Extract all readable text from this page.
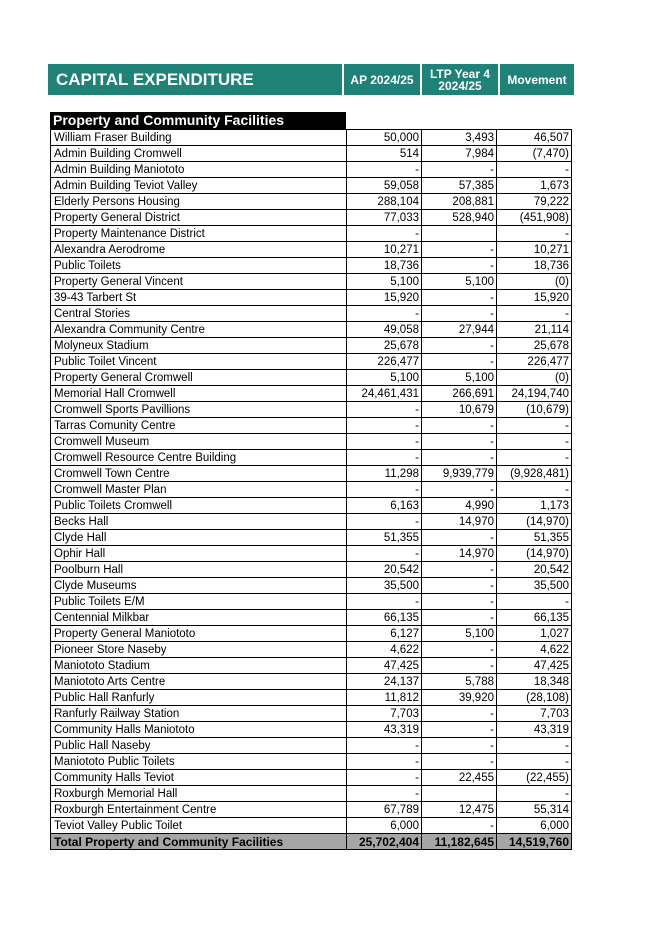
CAPITAL EXPENDITURE	AP 2024/25	LTP Year 4
2024/25	Movement
Property and Community Facilities
William Fraser Building	50,000	3,493	46,507
Admin Building Cromwell	514	7,984	(7,470)
Admin Building Maniototo	-	-	-
Admin Building Teviot Valley	59,058	57,385	1,673
Elderly Persons Housing	288,104	208,881	79,222
Property General District	77,033	528,940	(451,908)
Property Maintenance District	-		-
Alexandra Aerodrome	10,271	-	10,271
Public Toilets	18,736	-	18,736
Property General Vincent	5,100	5,100	(0)
39-43 Tarbert St	15,920	-	15,920
Central Stories	-	-	-
Alexandra Community Centre	49,058	27,944	21,114
Molyneux Stadium	25,678	-	25,678
Public Toilet Vincent	226,477	-	226,477
Property General Cromwell	5,100	5,100	(0)
Memorial Hall Cromwell	24,461,431	266,691	24,194,740
Cromwell Sports Pavillions	-	10,679	(10,679)
Tarras Comunity Centre	-	-	-
Cromwell Museum	-	-	-
Cromwell Resource Centre Building	-	-	-
Cromwell Town Centre	11,298	9,939,779	(9,928,481)
Cromwell Master Plan	-	-	-
Public Toilets Cromwell	6,163	4,990	1,173
Becks Hall	-	14,970	(14,970)
Clyde Hall	51,355	-	51,355
Ophir Hall	-	14,970	(14,970)
Poolburn Hall	20,542	-	20,542
Clyde Museums	35,500	-	35,500
Public Toilets E/M	-	-	-
Centennial Milkbar	66,135	-	66,135
Property General Maniototo	6,127	5,100	1,027
Pioneer Store Naseby	4,622	-	4,622
Maniototo Stadium	47,425	-	47,425
Maniototo Arts Centre	24,137	5,788	18,348
Public Hall Ranfurly	11,812	39,920	(28,108)
Ranfurly Railway Station	7,703	-	7,703
Community Halls Maniototo	43,319	-	43,319
Public Hall Naseby	-	-	-
Maniototo Public Toilets	-	-	-
Community Halls Teviot	-	22,455	(22,455)
Roxburgh Memorial Hall	-		-
Roxburgh Entertainment Centre	67,789	12,475	55,314
Teviot Valley Public Toilet	6,000	-	6,000
Total Property and Community Facilities	25,702,404	11,182,645	14,519,760
